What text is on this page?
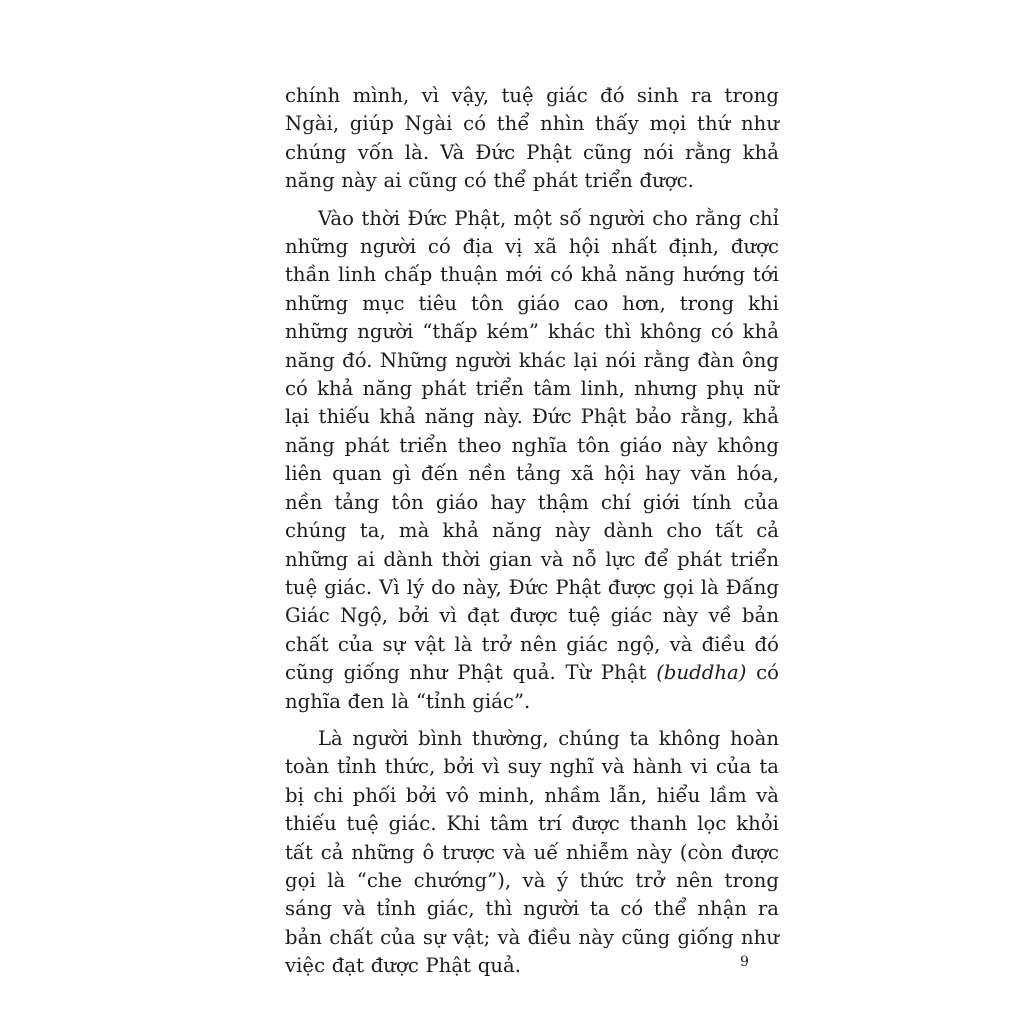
chính mình, vì vậy, tuệ giác đó sinh ra trong Ngài, giúp Ngài có thể nhìn thấy mọi thứ như chúng vốn là. Và Đức Phật cũng nói rằng khả năng này ai cũng có thể phát triển được.

Vào thời Đức Phật, một số người cho rằng chỉ những người có địa vị xã hội nhất định, được thần linh chấp thuận mới có khả năng hướng tới những mục tiêu tôn giáo cao hơn, trong khi những người “thấp kém” khác thì không có khả năng đó. Những người khác lại nói rằng đàn ông có khả năng phát triển tâm linh, nhưng phụ nữ lại thiếu khả năng này. Đức Phật bảo rằng, khả năng phát triển theo nghĩa tôn giáo này không liên quan gì đến nền tảng xã hội hay văn hóa, nền tảng tôn giáo hay thậm chí giới tính của chúng ta, mà khả năng này dành cho tất cả những ai dành thời gian và nỗ lực để phát triển tuệ giác. Vì lý do này, Đức Phật được gọi là Đấng Giác Ngộ, bởi vì đạt được tuệ giác này về bản chất của sự vật là trở nên giác ngộ, và điều đó cũng giống như Phật quả. Từ Phật (buddha) có nghĩa đen là “tỉnh giác”.

Là người bình thường, chúng ta không hoàn toàn tỉnh thức, bởi vì suy nghĩ và hành vi của ta bị chi phối bởi vô minh, nhầm lẫn, hiểu lầm và thiếu tuệ giác. Khi tâm trí được thanh lọc khỏi tất cả những ô trược và uế nhiễm này (còn được gọi là “che chướng”), và ý thức trở nên trong sáng và tỉnh giác, thì người ta có thể nhận ra bản chất của sự vật; và điều này cũng giống như việc đạt được Phật quả.	9
